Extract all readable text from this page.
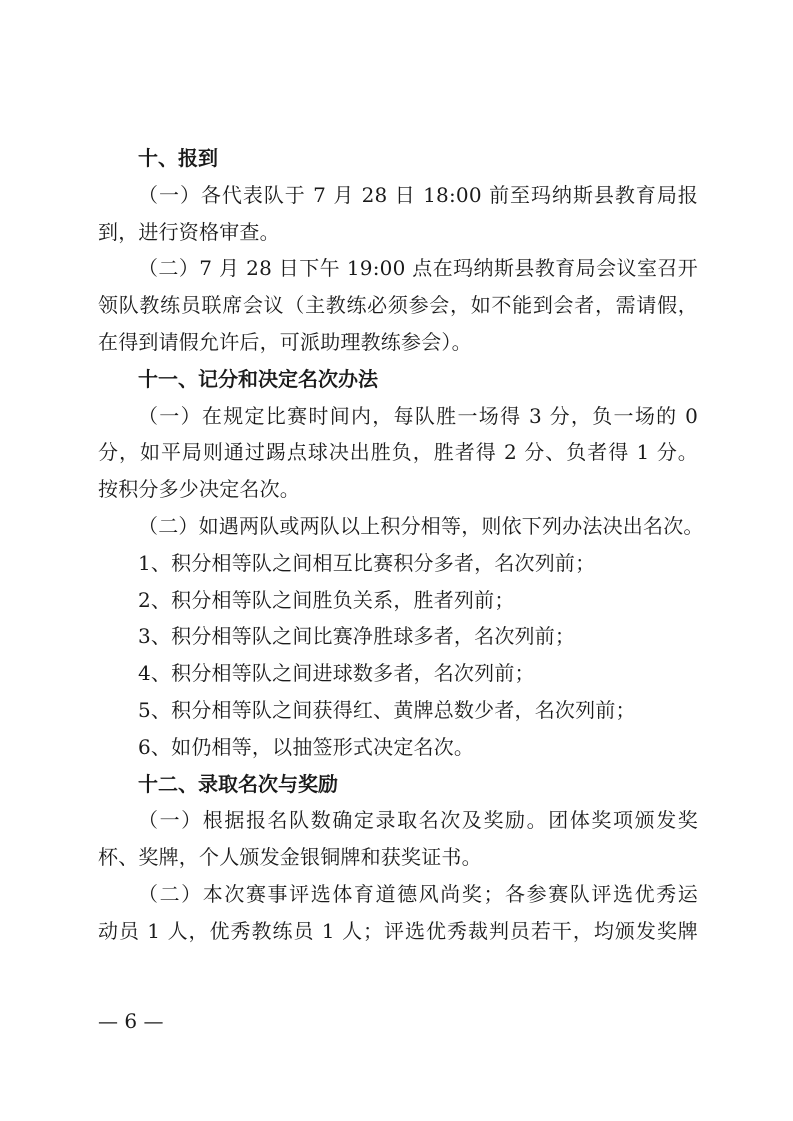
十、报到
（一）各代表队于 7 月 28 日 18:00 前至玛纳斯县教育局报
到，进行资格审查。
（二）7 月 28 日下午 19:00 点在玛纳斯县教育局会议室召开
领队教练员联席会议（主教练必须参会，如不能到会者，需请假，
在得到请假允许后，可派助理教练参会）。
十一、记分和决定名次办法
（一）在规定比赛时间内，每队胜一场得 3 分，负一场的 0
分，如平局则通过踢点球决出胜负，胜者得 2 分、负者得 1 分。
按积分多少决定名次。
（二）如遇两队或两队以上积分相等，则依下列办法决出名次。
1、积分相等队之间相互比赛积分多者，名次列前；
2、积分相等队之间胜负关系，胜者列前；
3、积分相等队之间比赛净胜球多者，名次列前；
4、积分相等队之间进球数多者，名次列前；
5、积分相等队之间获得红、黄牌总数少者，名次列前；
6、如仍相等，以抽签形式决定名次。
十二、录取名次与奖励
（一）根据报名队数确定录取名次及奖励。团体奖项颁发奖
杯、奖牌，个人颁发金银铜牌和获奖证书。
（二）本次赛事评选体育道德风尚奖；各参赛队评选优秀运
动员 1 人，优秀教练员 1 人；评选优秀裁判员若干，均颁发奖牌
— 6 —
